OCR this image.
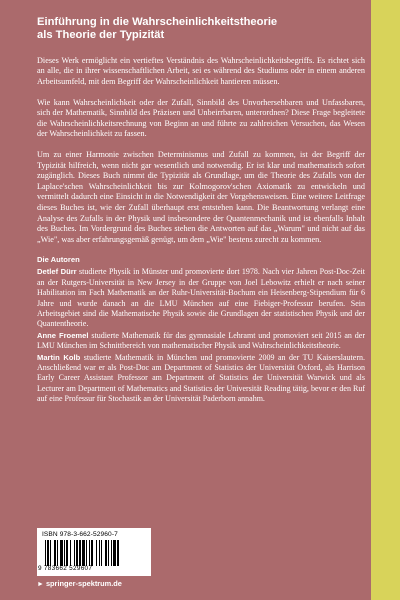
Einführung in die Wahrscheinlichkeitstheorie
als Theorie der Typizität

Dieses Werk ermöglicht ein vertieftes Verständnis des Wahrscheinlichkeitsbegriffs. Es richtet sich an alle, die in ihrer wissenschaftlichen Arbeit, sei es während des Studiums oder in einem anderen Arbeitsumfeld, mit dem Begriff der Wahrscheinlichkeit hantieren müssen.

Wie kann Wahrscheinlichkeit oder der Zufall, Sinnbild des Unvorhersehbaren und Unfassbaren, sich der Mathematik, Sinnbild des Präzisen und Unbeirrbaren, unterordnen? Diese Frage begleitete die Wahrscheinlichkeitsrechnung von Beginn an und führte zu zahlreichen Versuchen, das Wesen der Wahrscheinlichkeit zu fassen.

Um zu einer Harmonie zwischen Determinismus und Zufall zu kommen, ist der Begriff der Typizität hilfreich, wenn nicht gar wesentlich und notwendig. Er ist klar und mathematisch sofort zugänglich. Dieses Buch nimmt die Typizität als Grundlage, um die Theorie des Zufalls von der Laplace'schen Wahrscheinlichkeit bis zur Kolmogorov'schen Axiomatik zu entwickeln und vermittelt dadurch eine Einsicht in die Notwendigkeit der Vorgehensweisen. Eine weitere Leitfrage dieses Buches ist, wie der Zufall überhaupt erst entstehen kann. Die Beantwortung verlangt eine Analyse des Zufalls in der Physik und insbesondere der Quantenmechanik und ist ebenfalls Inhalt des Buches. Im Vordergrund des Buches stehen die Antworten auf das „Warum" und nicht auf das „Wie", was aber erfahrungsgemäß genügt, um dem „Wie" bestens zurecht zu kommen.

Die Autoren
Detlef Dürr studierte Physik in Münster und promovierte dort 1978. Nach vier Jahren Post-Doc-Zeit an der Rutgers-Universität in New Jersey in der Gruppe von Joel Lebowitz erhielt er nach seiner Habilitation im Fach Mathematik an der Ruhr-Universität-Bochum ein Heisenberg-Stipendium für 6 Jahre und wurde danach an die LMU München auf eine Fiebiger-Professur berufen. Sein Arbeitsgebiet sind die Mathematische Physik sowie die Grundlagen der statistischen Physik und der Quantentheorie.
Anne Froemel studierte Mathematik für das gymnasiale Lehramt und promoviert seit 2015 an der LMU München im Schnittbereich von mathematischer Physik und Wahrscheinlichkeitstheorie.
Martin Kolb studierte Mathematik in München und promovierte 2009 an der TU Kaiserslautern. Anschließend war er als Post-Doc am Department of Statistics der Universität Oxford, als Harrison Early Career Assistant Professor am Department of Statistics der Universität Warwick und als Lecturer am Department of Mathematics and Statistics der Universität Reading tätig, bevor er den Ruf auf eine Professur für Stochastik an der Universität Paderborn annahm.
ISBN 978-3-662-52960-7
9 783662 529607
► springer-spektrum.de
